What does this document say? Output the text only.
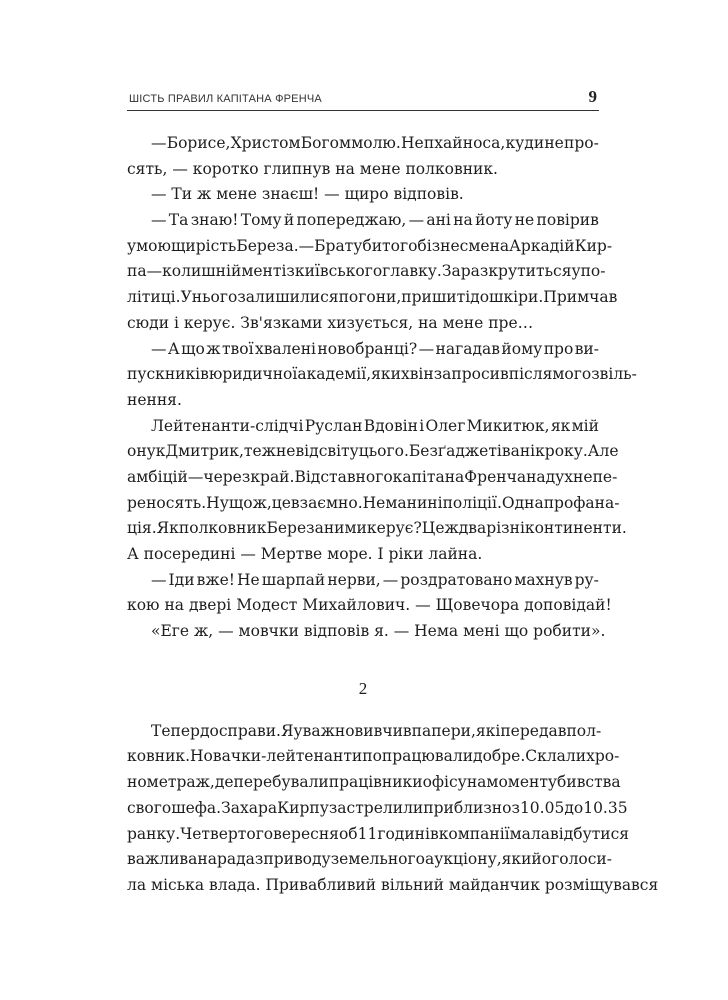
ШІСТЬ ПРАВИЛ КАПІТАНА ФРЕНЧА	9
— Борисе, Христом Богом молю. Не пхай носа, куди не про-
сять, — коротко глипнув на мене полковник.
— Ти ж мене знаєш! — щиро відповів.
— Та знаю! Тому й попереджаю, — ані на йоту не повірив
у мою щирість Береза. — Брат убитого бізнесмена Аркадій Кир-
па — колишній мент із київського главку. Зараз крутиться у по-
літиці. У нього залишилися погони, пришиті до шкіри. Примчав
сюди і керує. Зв'язками хизується, на мене пре…
— А що ж твої хвалені новобранці? — нагадав йому про ви-
пускників юридичної академії, яких він запросив після мого звіль-
нення.
Лейтенанти-слідчі Руслан Вдовін і Олег Микитюк, як мій
онук Дмитрик, теж не від світу цього. Без ґаджетів ані кроку. Але
амбіцій — через край. Відставного капітана Френча на дух не пе-
реносять. Ну що ж, це взаємно. Нема нині поліції. Одна профана-
ція. Як полковник Береза ними керує? Це ж два різні континенти.
А посередині — Мертве море. І ріки лайна.
— Іди вже! Не шарпай нерви, — роздратовано махнув ру-
кою на двері Модест Михайлович. — Щовечора доповідай!
«Еге ж, — мовчки відповів я. — Нема мені що робити».
2
Тепер до справи. Я уважно вивчив папери, які передав пол-
ковник. Новачки-лейтенанти попрацювали добре. Склали хро-
нометраж, де перебували працівники офісу на момент убивства
свого шефа. Захара Кирпу застрелили приблизно з 10.05 до 10.35
ранку. Четвертого вересня об 11 годині в компанії мала відбутися
важлива нарада з приводу земельного аукціону, який оголоси-
ла міська влада. Привабливий вільний майданчик розміщувався
